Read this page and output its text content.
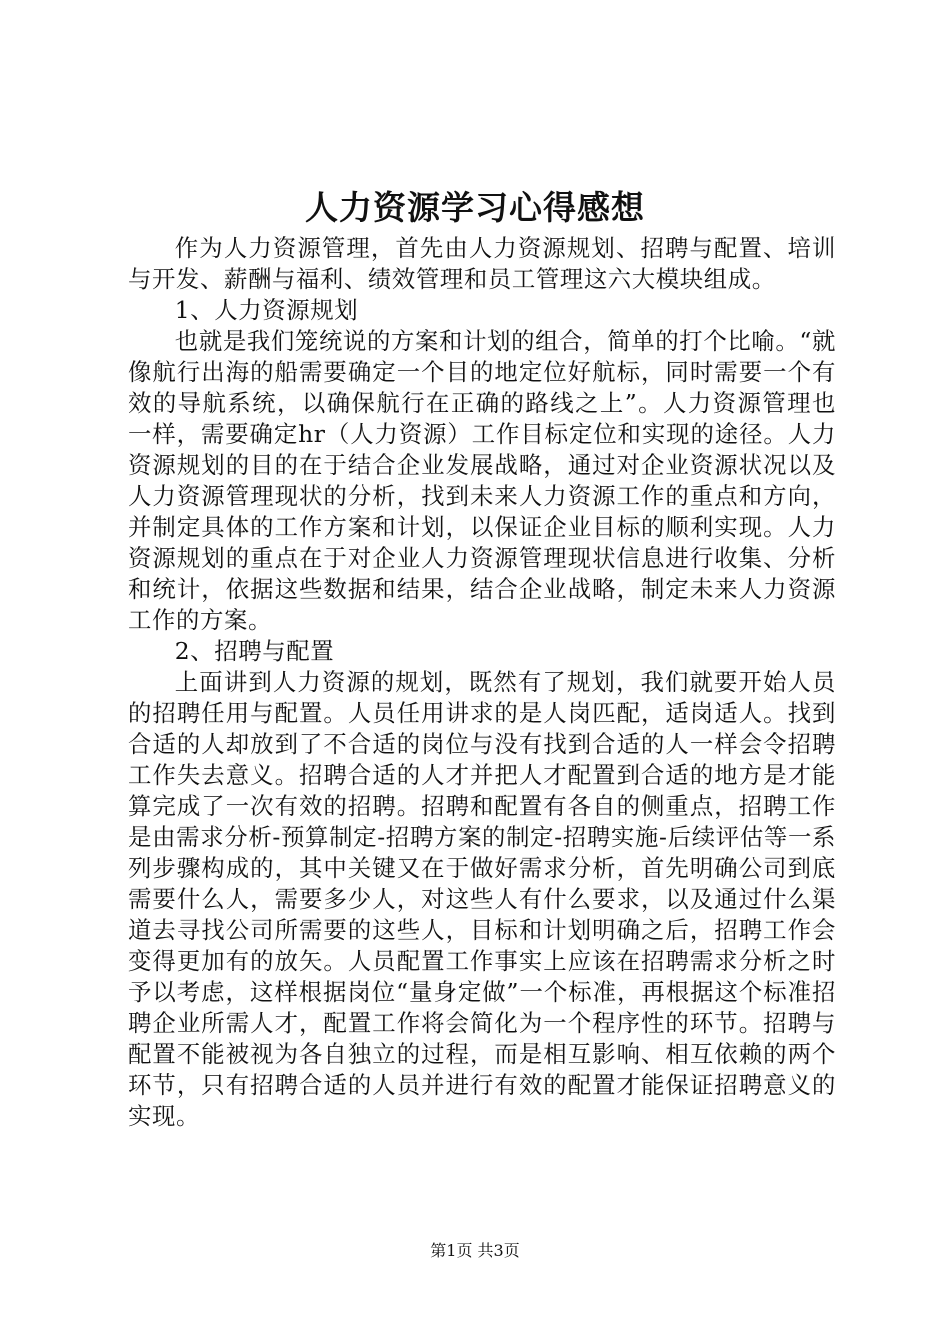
人力资源学习心得感想

作为人力资源管理，首先由人力资源规划、招聘与配置、培训与开发、薪酬与福利、绩效管理和员工管理这六大模块组成。

1、人力资源规划

也就是我们笼统说的方案和计划的组合，简单的打个比喻。“就像航行出海的船需要确定一个目的地定位好航标，同时需要一个有效的导航系统，以确保航行在正确的路线之上”。人力资源管理也一样，需要确定hr（人力资源）工作目标定位和实现的途径。人力资源规划的目的在于结合企业发展战略，通过对企业资源状况以及人力资源管理现状的分析，找到未来人力资源工作的重点和方向，并制定具体的工作方案和计划，以保证企业目标的顺利实现。人力资源规划的重点在于对企业人力资源管理现状信息进行收集、分析和统计，依据这些数据和结果，结合企业战略，制定未来人力资源工作的方案。

2、招聘与配置

上面讲到人力资源的规划，既然有了规划，我们就要开始人员的招聘任用与配置。人员任用讲求的是人岗匹配，适岗适人。找到合适的人却放到了不合适的岗位与没有找到合适的人一样会令招聘工作失去意义。招聘合适的人才并把人才配置到合适的地方是才能算完成了一次有效的招聘。招聘和配置有各自的侧重点，招聘工作是由需求分析-预算制定-招聘方案的制定-招聘实施-后续评估等一系列步骤构成的，其中关键又在于做好需求分析，首先明确公司到底需要什么人，需要多少人，对这些人有什么要求，以及通过什么渠道去寻找公司所需要的这些人，目标和计划明确之后，招聘工作会变得更加有的放矢。人员配置工作事实上应该在招聘需求分析之时予以考虑，这样根据岗位“量身定做”一个标准，再根据这个标准招聘企业所需人才，配置工作将会简化为一个程序性的环节。招聘与配置不能被视为各自独立的过程，而是相互影响、相互依赖的两个环节，只有招聘合适的人员并进行有效的配置才能保证招聘意义的实现。

第1页 共3页
